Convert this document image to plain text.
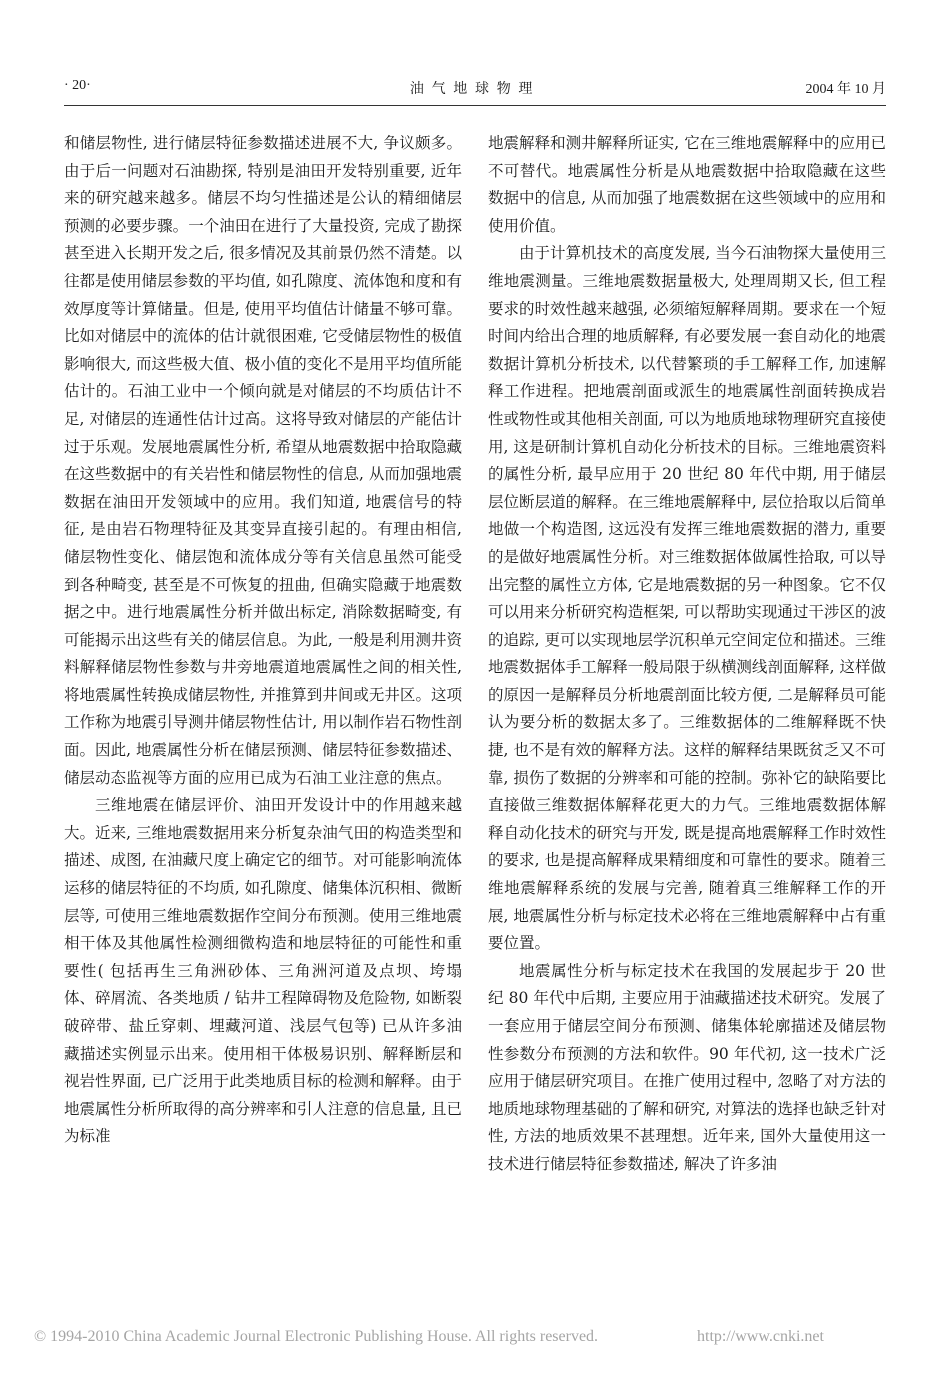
· 20·	油气地球物理	2004 年 10 月

和储层物性, 进行储层特征参数描述进展不大, 争议颇多。由于后一问题对石油勘探, 特别是油田开发特别重要, 近年来的研究越来越多。储层不均匀性描述是公认的精细储层预测的必要步骤。一个油田在进行了大量投资, 完成了勘探甚至进入长期开发之后, 很多情况及其前景仍然不清楚。以往都是使用储层参数的平均值, 如孔隙度、流体饱和度和有效厚度等计算储量。但是, 使用平均值估计储量不够可靠。比如对储层中的流体的估计就很困难, 它受储层物性的极值影响很大, 而这些极大值、极小值的变化不是用平均值所能估计的。石油工业中一个倾向就是对储层的不均质估计不足, 对储层的连通性估计过高。这将导致对储层的产能估计过于乐观。发展地震属性分析, 希望从地震数据中拾取隐藏在这些数据中的有关岩性和储层物性的信息, 从而加强地震数据在油田开发领域中的应用。我们知道, 地震信号的特征, 是由岩石物理特征及其变异直接引起的。有理由相信, 储层物性变化、储层饱和流体成分等有关信息虽然可能受到各种畸变, 甚至是不可恢复的扭曲, 但确实隐藏于地震数据之中。进行地震属性分析并做出标定, 消除数据畸变, 有可能揭示出这些有关的储层信息。为此, 一般是利用测井资料解释储层物性参数与井旁地震道地震属性之间的相关性, 将地震属性转换成储层物性, 并推算到井间或无井区。这项工作称为地震引导测井储层物性估计, 用以制作岩石物性剖面。因此, 地震属性分析在储层预测、储层特征参数描述、储层动态监视等方面的应用已成为石油工业注意的焦点。

三维地震在储层评价、油田开发设计中的作用越来越大。近来, 三维地震数据用来分析复杂油气田的构造类型和描述、成图, 在油藏尺度上确定它的细节。对可能影响流体运移的储层特征的不均质, 如孔隙度、储集体沉积相、微断层等, 可使用三维地震数据作空间分布预测。使用三维地震相干体及其他属性检测细微构造和地层特征的可能性和重要性( 包括再生三角洲砂体、三角洲河道及点坝、垮塌体、碎屑流、各类地质 / 钻井工程障碍物及危险物, 如断裂破碎带、盐丘穿刺、埋藏河道、浅层气包等) 已从许多油藏描述实例显示出来。使用相干体极易识别、解释断层和视岩性界面, 已广泛用于此类地质目标的检测和解释。由于地震属性分析所取得的高分辨率和引人注意的信息量, 且已为标准

地震解释和测井解释所证实, 它在三维地震解释中的应用已不可替代。地震属性分析是从地震数据中拾取隐藏在这些数据中的信息, 从而加强了地震数据在这些领域中的应用和使用价值。

由于计算机技术的高度发展, 当今石油物探大量使用三维地震测量。三维地震数据量极大, 处理周期又长, 但工程要求的时效性越来越强, 必须缩短解释周期。要求在一个短时间内给出合理的地质解释, 有必要发展一套自动化的地震数据计算机分析技术, 以代替繁琐的手工解释工作, 加速解释工作进程。把地震剖面或派生的地震属性剖面转换成岩性或物性或其他相关剖面, 可以为地质地球物理研究直接使用, 这是研制计算机自动化分析技术的目标。三维地震资料的属性分析, 最早应用于 20 世纪 80 年代中期, 用于储层层位断层道的解释。在三维地震解释中, 层位拾取以后简单地做一个构造图, 这远没有发挥三维地震数据的潜力, 重要的是做好地震属性分析。对三维数据体做属性拾取, 可以导出完整的属性立方体, 它是地震数据的另一种图象。它不仅可以用来分析研究构造框架, 可以帮助实现通过干涉区的波的追踪, 更可以实现地层学沉积单元空间定位和描述。三维地震数据体手工解释一般局限于纵横测线剖面解释, 这样做的原因一是解释员分析地震剖面比较方便, 二是解释员可能认为要分析的数据太多了。三维数据体的二维解释既不快捷, 也不是有效的解释方法。这样的解释结果既贫乏又不可靠, 损伤了数据的分辨率和可能的控制。弥补它的缺陷要比直接做三维数据体解释花更大的力气。三维地震数据体解释自动化技术的研究与开发, 既是提高地震解释工作时效性的要求, 也是提高解释成果精细度和可靠性的要求。随着三维地震解释系统的发展与完善, 随着真三维解释工作的开展, 地震属性分析与标定技术必将在三维地震解释中占有重要位置。

地震属性分析与标定技术在我国的发展起步于 20 世纪 80 年代中后期, 主要应用于油藏描述技术研究。发展了一套应用于储层空间分布预测、储集体轮廓描述及储层物性参数分布预测的方法和软件。90 年代初, 这一技术广泛应用于储层研究项目。在推广使用过程中, 忽略了对方法的地质地球物理基础的了解和研究, 对算法的选择也缺乏针对性, 方法的地质效果不甚理想。近年来, 国外大量使用这一技术进行储层特征参数描述, 解决了许多油

© 1994-2010 China Academic Journal Electronic Publishing House. All rights reserved.	http://www.cnki.net
